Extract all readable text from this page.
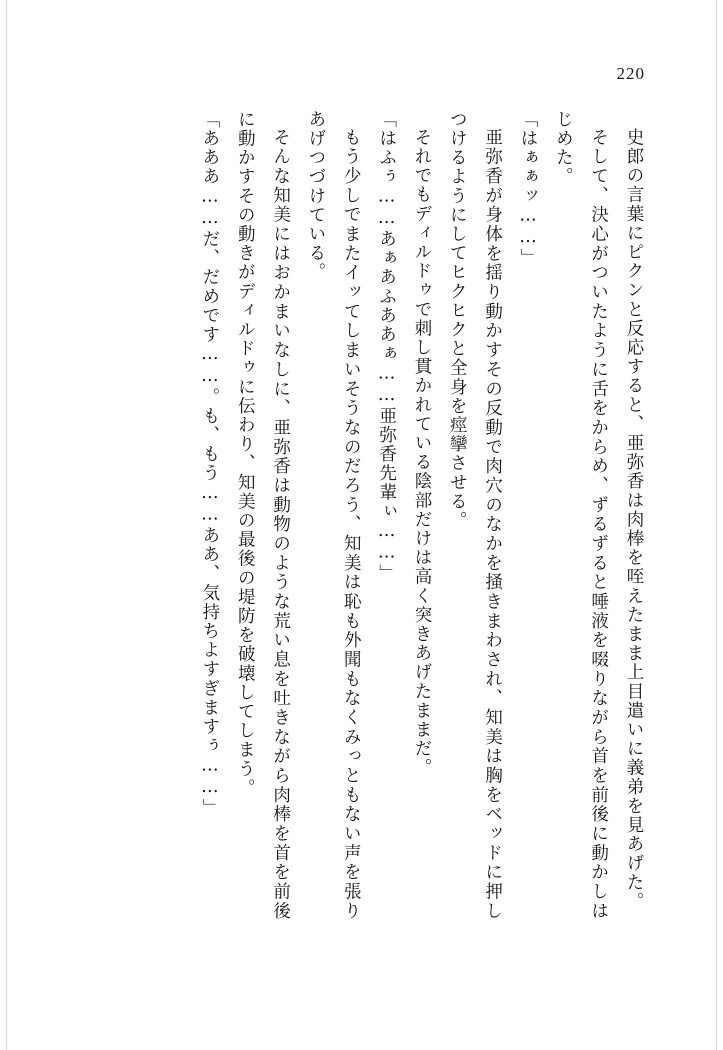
220

史郎の言葉にピクンと反応すると、亜弥香は肉棒を咥えたまま上目遣いに義弟を見あげた。

そして、決心がついたように舌をからめ、ずるずると唾液を啜りながら首を前後に動かしはじめた。

「はぁぁッ……」

亜弥香が身体を揺り動かすその反動で肉穴のなかを掻きまわされ、知美は胸をベッドに押しつけるようにしてヒクヒクと全身を痙攣させる。

それでもディルドゥで刺し貫かれている陰部だけは高く突きあげたままだ。

「はふぅ……あぁあふああぁ……亜弥香先輩ぃ……」

もう少しでまたイッてしまいそうなのだろう、知美は恥も外聞もなくみっともない声を張りあげつづけている。

そんな知美にはおかまいなしに、亜弥香は動物のような荒い息を吐きながら肉棒を首を前後に動かすその動きがディルドゥに伝わり、知美の最後の堤防を破壊してしまう。

「あああ……だ、だめです……。も、もう……ああ、気持ちよすぎますぅ……」
